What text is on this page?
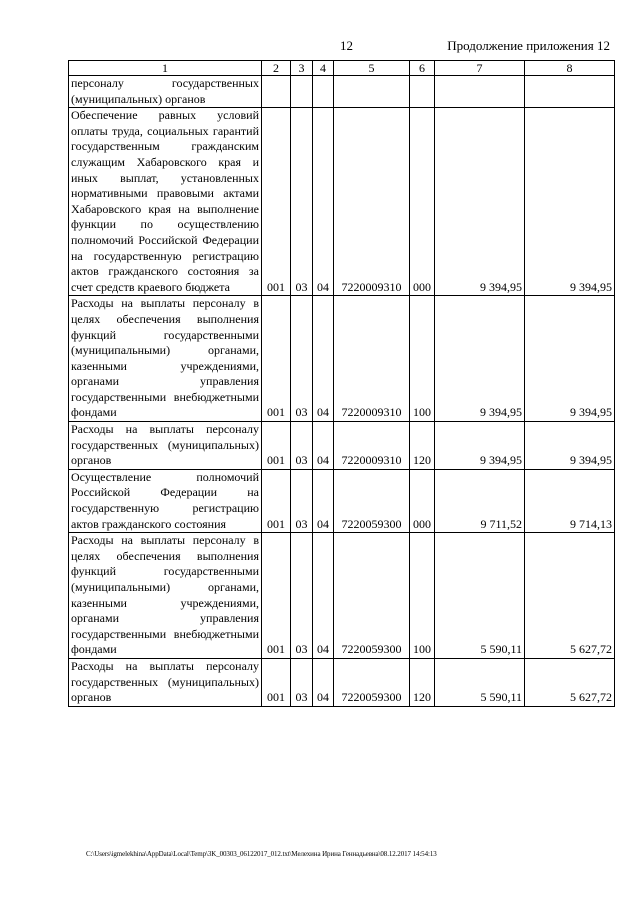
12	Продолжение приложения 12
1	2	3	4	5	6	7	8
персоналу государственных (муниципальных) органов							
Обеспечение равных условий оплаты труда, социальных гарантий государственным гражданским служащим Хабаровского края и иных выплат, установленных нормативными правовыми актами Хабаровского края на выполнение функции по осуществлению полномочий Российской Федерации на государственную регистрацию актов гражданского состояния за счет средств краевого бюджета	001	03	04	7220009310	000	9 394,95	9 394,95
Расходы на выплаты персоналу в целях обеспечения выполнения функций государственными (муниципальными) органами, казенными учреждениями, органами управления государственными внебюджетными фондами	001	03	04	7220009310	100	9 394,95	9 394,95
Расходы на выплаты персоналу государственных (муниципальных) органов	001	03	04	7220009310	120	9 394,95	9 394,95
Осуществление полномочий Российской Федерации на государственную регистрацию актов гражданского состояния	001	03	04	7220059300	000	9 711,52	9 714,13
Расходы на выплаты персоналу в целях обеспечения выполнения функций государственными (муниципальными) органами, казенными учреждениями, органами управления государственными внебюджетными фондами	001	03	04	7220059300	100	5 590,11	5 627,72
Расходы на выплаты персоналу государственных (муниципальных) органов	001	03	04	7220059300	120	5 590,11	5 627,72
C:\Users\igmelekhina\AppData\Local\Temp\3K_00303_06122017_012.txt\Мелехина Ирина Геннадьевна\08.12.2017 14:54:13
